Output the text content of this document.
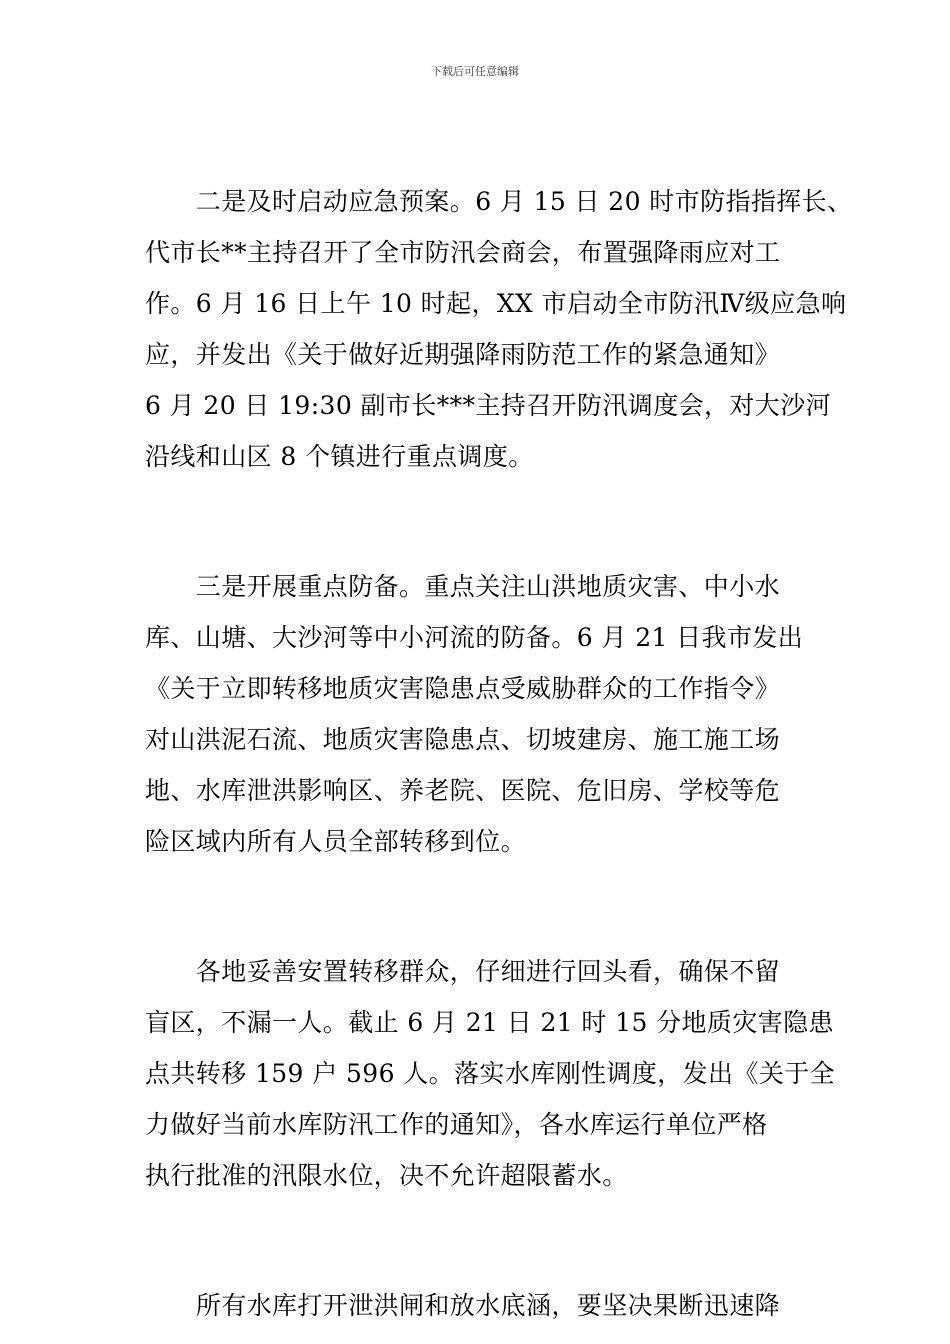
下载后可任意编辑
　　二是及时启动应急预案。6 月 15 日 20 时市防指指挥长、
代市长**主持召开了全市防汛会商会，布置强降雨应对工
作。6 月 16 日上午 10 时起，XX 市启动全市防汛Ⅳ级应急响
应，并发出《关于做好近期强降雨防范工作的紧急通知》
6 月 20 日 19:30 副市长***主持召开防汛调度会，对大沙河
沿线和山区 8 个镇进行重点调度。
　　三是开展重点防备。重点关注山洪地质灾害、中小水
库、山塘、大沙河等中小河流的防备。6 月 21 日我市发出
《关于立即转移地质灾害隐患点受威胁群众的工作指令》
对山洪泥石流、地质灾害隐患点、切坡建房、施工施工场
地、水库泄洪影响区、养老院、医院、危旧房、学校等危
险区域内所有人员全部转移到位。
　　各地妥善安置转移群众，仔细进行回头看，确保不留
盲区，不漏一人。截止 6 月 21 日 21 时 15 分地质灾害隐患
点共转移 159 户 596 人。落实水库刚性调度，发出《关于全
力做好当前水库防汛工作的通知》，各水库运行单位严格
执行批准的汛限水位，决不允许超限蓄水。
　　所有水库打开泄洪闸和放水底涵，要坚决果断迅速降
